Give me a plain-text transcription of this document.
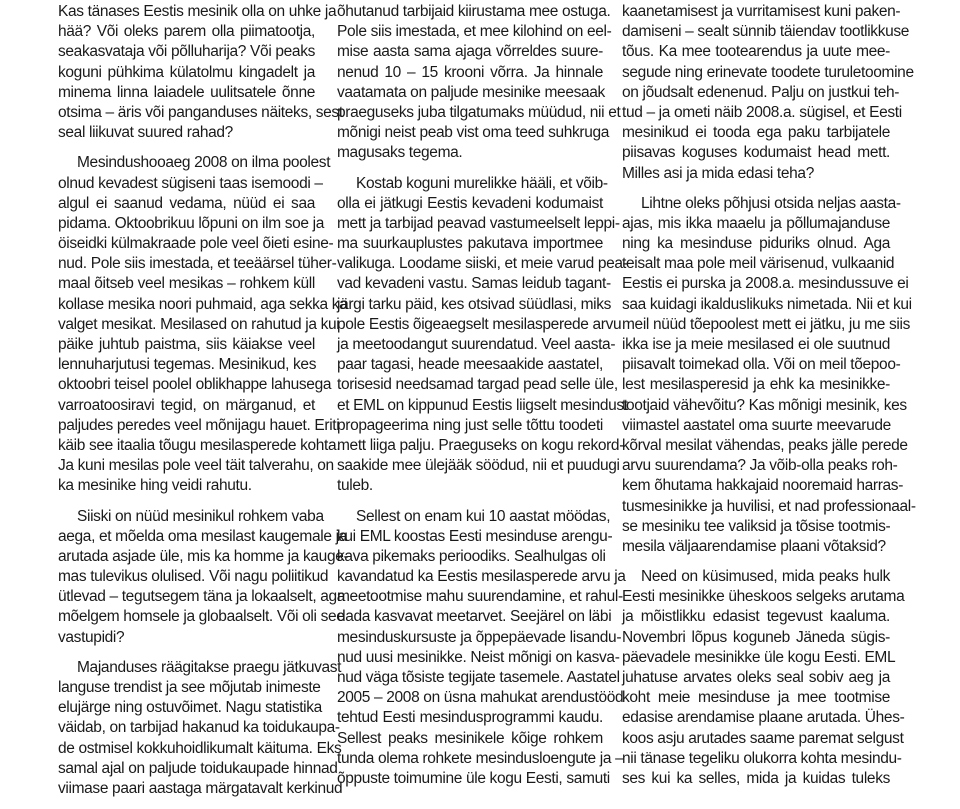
Kas tänases Eestis mesinik olla on uhke ja
hää? Või oleks parem olla piimatootja,
seakasvataja või põlluharija? Või peaks
koguni pühkima külatolmu kingadelt ja
minema linna laiadele uulitsatele õnne
otsima – äris või panganduses näiteks, sest
seal liikuvat suured rahad?
Mesindushooaeg 2008 on ilma poolest
olnud kevadest sügiseni taas isemoodi –
algul ei saanud vedama, nüüd ei saa
pidama. Oktoobrikuu lõpuni on ilm soe ja
öiseidki külmakraade pole veel õieti esine-
nud. Pole siis imestada, et teeäärsel tüher-
maal õitseb veel mesikas – rohkem küll
kollase mesika noori puhmaid, aga sekka ka
valget mesikat. Mesilased on rahutud ja kui
päike juhtub paistma, siis käiakse veel
lennuharjutusi tegemas. Mesinikud, kes
oktoobri teisel poolel oblikhappe lahusega
varroatoosiravi tegid, on märganud, et
paljudes peredes veel mõnijagu hauet. Eriti
käib see itaalia tõugu mesilasperede kohta.
Ja kuni mesilas pole veel täit talverahu, on
ka mesinike hing veidi rahutu.
Siiski on nüüd mesinikul rohkem vaba
aega, et mõelda oma mesilast kaugemale ja
arutada asjade üle, mis ka homme ja kauge-
mas tulevikus olulised. Või nagu poliitikud
ütlevad – tegutsegem täna ja lokaalselt, aga
mõelgem homsele ja globaalselt. Või oli see
vastupidi?
Majanduses räägitakse praegu jätkuvast
languse trendist ja see mõjutab inimeste
elujärge ning ostuvõimet. Nagu statistika
väidab, on tarbijad hakanud ka toidukaupa-
de ostmisel kokkuhoidlikumalt käituma. Eks
samal ajal on paljude toidukaupade hinnad
viimase paari aastaga märgatavalt kerkinud
õhutanud tarbijaid kiirustama mee ostuga.
Pole siis imestada, et mee kilohind on eel-
mise aasta sama ajaga võrreldes suure-
nenud 10 – 15 krooni võrra. Ja hinnale
vaatamata on paljude mesinike meesaak
praeguseks juba tilgatumaks müüdud, nii et
mõnigi neist peab vist oma teed suhkruga
magusaks tegema.
Kostab koguni murelikke hääli, et võib-
olla ei jätkugi Eestis kevadeni kodumaist
mett ja tarbijad peavad vastumeelselt leppi-
ma suurkauplustes pakutava importmee
valikuga. Loodame siiski, et meie varud pea-
vad kevadeni vastu. Samas leidub tagant-
järgi tarku päid, kes otsivad süüdlasi, miks
pole Eestis õigeaegselt mesilasperede arvu
ja meetoodangut suurendatud. Veel aasta-
paar tagasi, heade meesaakide aastatel,
torisesid needsamad targad pead selle üle,
et EML on kippunud Eestis liigselt mesindust
propageerima ning just selle tõttu toodeti
mett liiga palju. Praeguseks on kogu rekord-
saakide mee ülejääk söödud, nii et puudugi
tuleb.
Sellest on enam kui 10 aastat möödas,
kui EML koostas Eesti mesinduse arengu-
kava pikemaks perioodiks. Sealhulgas oli
kavandatud ka Eestis mesilasperede arvu ja
meetootmise mahu suurendamine, et rahul-
dada kasvavat meetarvet. Seejärel on läbi
mesinduskursuste ja õppepäevade lisandu-
nud uusi mesinikke. Neist mõnigi on kasva-
nud väga tõsiste tegijate tasemele. Aastatel
2005 – 2008 on üsna mahukat arendustööd
tehtud Eesti mesindusprogrammi kaudu.
Sellest peaks mesinikele kõige rohkem
tunda olema rohkete mesindusloengute ja –
õppuste toimumine üle kogu Eesti, samuti
kaanetamisest ja vurritamisest kuni paken-
damiseni – sealt sünnib täiendav tootlikkuse
tõus. Ka mee tootearendus ja uute mee-
segude ning erinevate toodete turuletoomine
on jõudsalt edenenud. Palju on justkui teh-
tud – ja ometi näib 2008.a. sügisel, et Eesti
mesinikud ei tooda ega paku tarbijatele
piisavas koguses kodumaist head mett.
Milles asi ja mida edasi teha?
Lihtne oleks põhjusi otsida neljas aasta-
ajas, mis ikka maaelu ja põllumajanduse
ning ka mesinduse piduriks olnud. Aga
teisalt maa pole meil värisenud, vulkaanid
Eestis ei purska ja 2008.a. mesindussuve ei
saa kuidagi ikalduslikuks nimetada. Nii et kui
meil nüüd tõepoolest mett ei jätku, ju me siis
ikka ise ja meie mesilased ei ole suutnud
piisavalt toimekad olla. Või on meil tõepoo-
lest mesilasperesid ja ehk ka mesinikke-
tootjaid vähevõitu? Kas mõnigi mesinik, kes
viimastel aastatel oma suurte meevarude
kõrval mesilat vähendas, peaks jälle perede
arvu suurendama? Ja võib-olla peaks roh-
kem õhutama hakkajaid nooremaid harras-
tusmesinikke ja huvilisi, et nad professionaal-
se mesiniku tee valiksid ja tõsise tootmis-
mesila väljaarendamise plaani võtaksid?
Need on küsimused, mida peaks hulk
Eesti mesinikke üheskoos selgeks arutama
ja mõistlikku edasist tegevust kaaluma.
Novembri lõpus koguneb Jäneda sügis-
päevadele mesinikke üle kogu Eesti. EML
juhatuse arvates oleks seal sobiv aeg ja
koht meie mesinduse ja mee tootmise
edasise arendamise plaane arutada. Ühes-
koos asju arutades saame paremat selgust
nii tänase tegeliku olukorra kohta mesindu-
ses kui ka selles, mida ja kuidas tuleks
